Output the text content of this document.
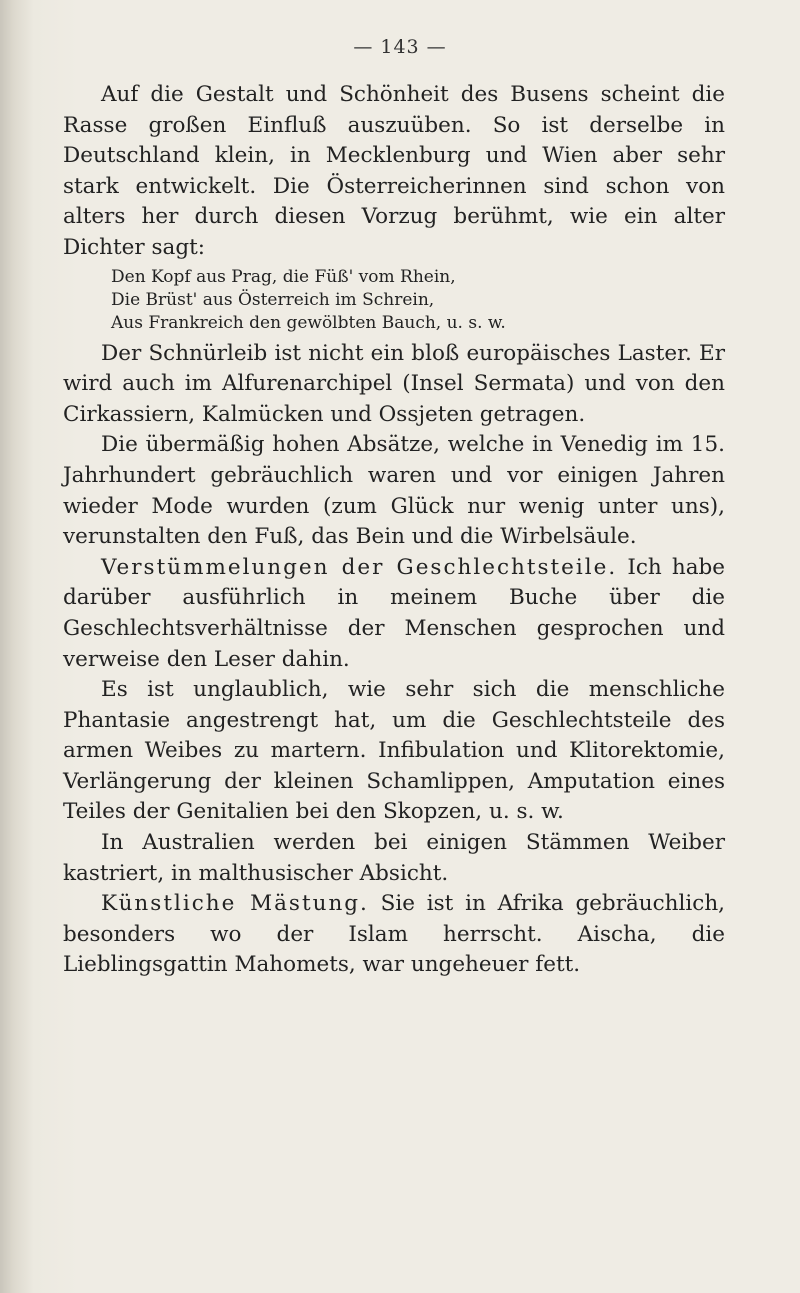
— 143 —

Auf die Gestalt und Schönheit des Busens scheint die Rasse großen Einfluß auszuüben. So ist derselbe in Deutschland klein, in Mecklenburg und Wien aber sehr stark entwickelt. Die Österreicherinnen sind schon von alters her durch diesen Vorzug berühmt, wie ein alter Dichter sagt:

Den Kopf aus Prag, die Füß' vom Rhein,
Die Brüst' aus Österreich im Schrein,
Aus Frankreich den gewölbten Bauch, u. s. w.

Der Schnürleib ist nicht ein bloß europäisches Laster. Er wird auch im Alfurenarchipel (Insel Sermata) und von den Cirkassiern, Kalmücken und Ossjeten getragen.

Die übermäßig hohen Absätze, welche in Venedig im 15. Jahrhundert gebräuchlich waren und vor einigen Jahren wieder Mode wurden (zum Glück nur wenig unter uns), verunstalten den Fuß, das Bein und die Wirbelsäule.

Verstümmelungen der Geschlechtsteile. Ich habe darüber ausführlich in meinem Buche über die Geschlechtsverhältnisse der Menschen gesprochen und verweise den Leser dahin.

Es ist unglaublich, wie sehr sich die menschliche Phantasie angestrengt hat, um die Geschlechtsteile des armen Weibes zu martern. Infibulation und Klitorektomie, Verlängerung der kleinen Schamlippen, Amputation eines Teiles der Genitalien bei den Skopzen, u. s. w.

In Australien werden bei einigen Stämmen Weiber kastriert, in malthusischer Absicht.

Künstliche Mästung. Sie ist in Afrika gebräuchlich, besonders wo der Islam herrscht. Aischa, die Lieblingsgattin Mahomets, war ungeheuer fett.
